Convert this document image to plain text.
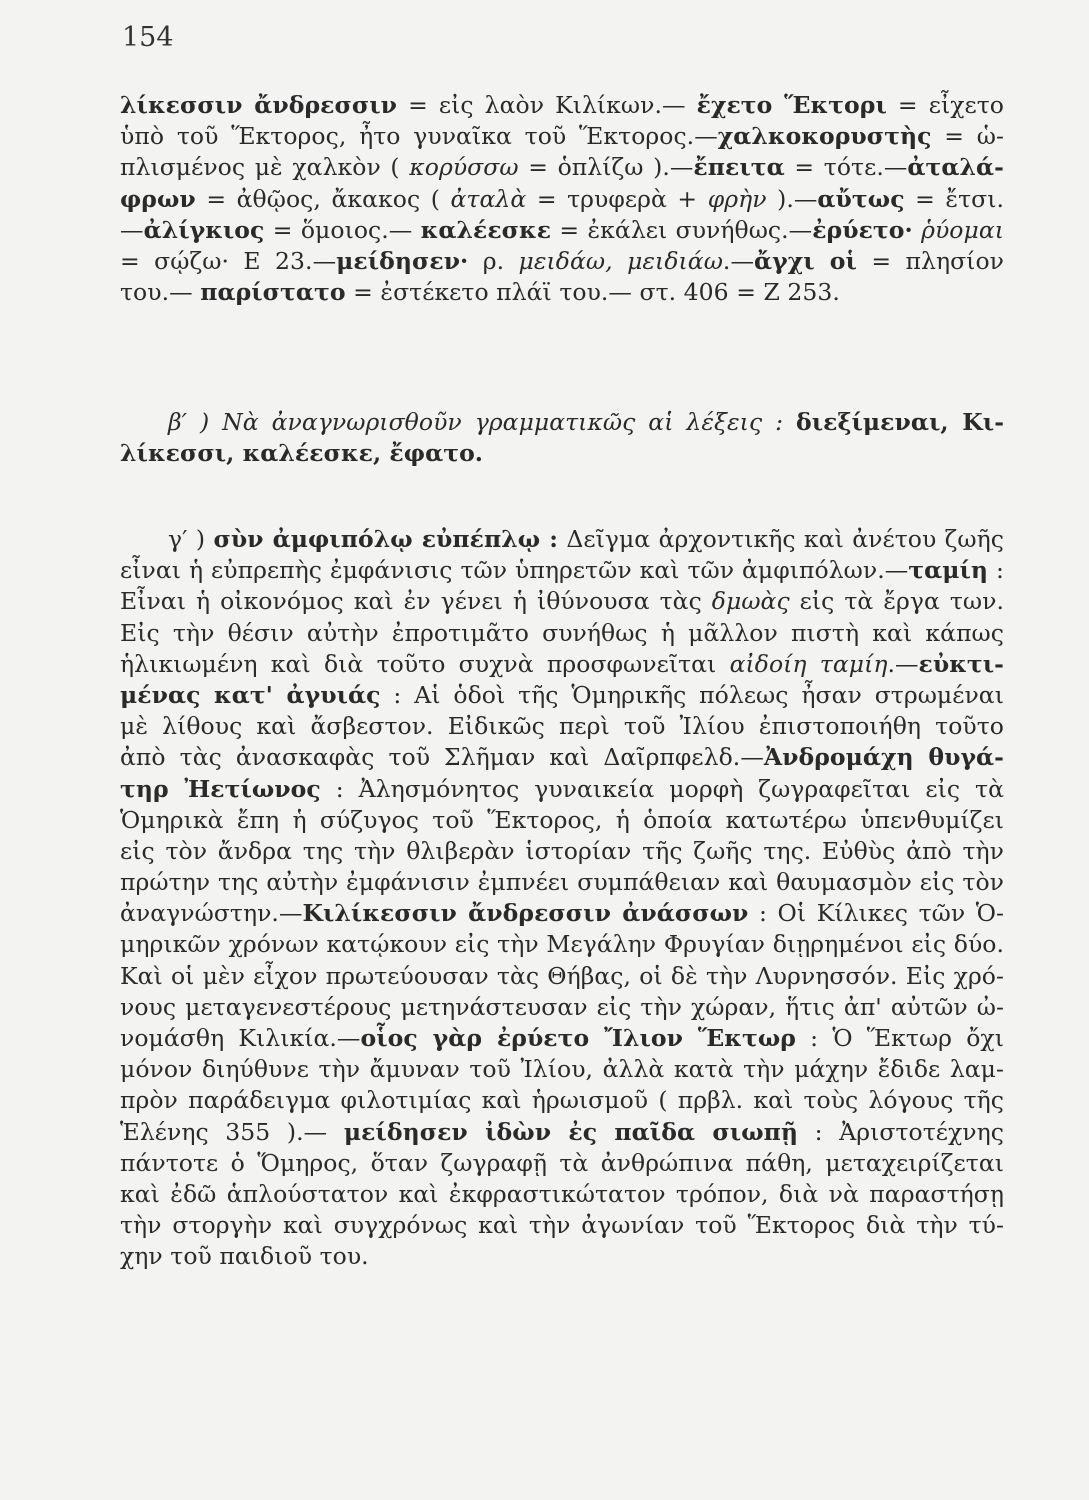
154
λίκεσσιν ἄνδρεσσιν = εἰς λαὸν Κιλίκων.— ἔχετο Ἕκτορι = εἶχετο
ὑπὸ τοῦ Ἕκτορος, ἦτο γυναῖκα τοῦ Ἕκτορος.—χαλκοκορυστὴς = ὡ-
πλισμένος μὲ χαλκὸν ( κορύσσω = ὁπλίζω ).—ἔπειτα = τότε.—ἀταλά-
φρων = ἀθῷος, ἄκακος ( ἀταλὰ = τρυφερὰ + φρὴν ).—αὔτως = ἔτσι.
—ἀλίγκιος = ὅμοιος.— καλέεσκε = ἐκάλει συνήθως.—ἐρύετο· ῥύομαι
= σῴζω· Ε 23.—μείδησεν· ρ. μειδάω, μειδιάω.—ἄγχι οἱ = πλησίον
του.— παρίστατο = ἐστέκετο πλάϊ του.— στ. 406 = Ζ 253.
β′ ) Νὰ ἀναγνωρισθοῦν γραμματικῶς αἱ λέξεις : διεξίμεναι, Κι-
λίκεσσι, καλέεσκε, ἔφατο.
γ′ ) σὺν ἀμφιπόλῳ εὐπέπλῳ : Δεῖγμα ἀρχοντικῆς καὶ ἀνέτου ζωῆς
εἶναι ἡ εὐπρεπὴς ἐμφάνισις τῶν ὑπηρετῶν καὶ τῶν ἀμφιπόλων.—ταμίη :
Εἶναι ἡ οἰκονόμος καὶ ἐν γένει ἡ ἰθύνουσα τὰς δμωὰς εἰς τὰ ἔργα των.
Εἰς τὴν θέσιν αὐτὴν ἐπροτιμᾶτο συνήθως ἡ μᾶλλον πιστὴ καὶ κάπως
ἡλικιωμένη καὶ διὰ τοῦτο συχνὰ προσφωνεῖται αἰδοίη ταμίη.—εὐκτι-
μένας κατ' ἀγυιάς : Αἱ ὁδοὶ τῆς Ὁμηρικῆς πόλεως ἦσαν στρωμέναι
μὲ λίθους καὶ ἄσβεστον. Εἰδικῶς περὶ τοῦ Ἰλίου ἐπιστοποιήθη τοῦτο
ἀπὸ τὰς ἀνασκαφὰς τοῦ Σλῆμαν καὶ Δαῖρπφελδ.—Ἀνδρομάχη θυγά-
τηρ Ἠετίωνος : Ἀλησμόνητος γυναικεία μορφὴ ζωγραφεῖται εἰς τὰ
Ὁμηρικὰ ἔπη ἡ σύζυγος τοῦ Ἕκτορος, ἡ ὁποία κατωτέρω ὑπενθυμίζει
εἰς τὸν ἄνδρα της τὴν θλιβερὰν ἱστορίαν τῆς ζωῆς της. Εὐθὺς ἀπὸ τὴν
πρώτην της αὐτὴν ἐμφάνισιν ἐμπνέει συμπάθειαν καὶ θαυμασμὸν εἰς τὸν
ἀναγνώστην.—Κιλίκεσσιν ἄνδρεσσιν ἀνάσσων : Οἱ Κίλικες τῶν Ὁ-
μηρικῶν χρόνων κατῴκουν εἰς τὴν Μεγάλην Φρυγίαν διῃρημένοι εἰς δύο.
Καὶ οἱ μὲν εἶχον πρωτεύουσαν τὰς Θήβας, οἱ δὲ τὴν Λυρνησσόν. Εἰς χρό-
νους μεταγενεστέρους μετηνάστευσαν εἰς τὴν χώραν, ἥτις ἀπ' αὐτῶν ὠ-
νομάσθη Κιλικία.—οἷος γὰρ ἐρύετο Ἴλιον Ἕκτωρ : Ὁ Ἕκτωρ ὄχι
μόνον διηύθυνε τὴν ἄμυναν τοῦ Ἰλίου, ἀλλὰ κατὰ τὴν μάχην ἔδιδε λαμ-
πρὸν παράδειγμα φιλοτιμίας καὶ ἡρωισμοῦ ( πρβλ. καὶ τοὺς λόγους τῆς
Ἑλένης 355 ).— μείδησεν ἰδὼν ἐς παῖδα σιωπῇ : Ἀριστοτέχνης
πάντοτε ὁ Ὅμηρος, ὅταν ζωγραφῇ τὰ ἀνθρώπινα πάθη, μεταχειρίζεται
καὶ ἐδῶ ἁπλούστατον καὶ ἐκφραστικώτατον τρόπον, διὰ νὰ παραστήσῃ
τὴν στοργὴν καὶ συγχρόνως καὶ τὴν ἀγωνίαν τοῦ Ἕκτορος διὰ τὴν τύ-
χην τοῦ παιδιοῦ του.
